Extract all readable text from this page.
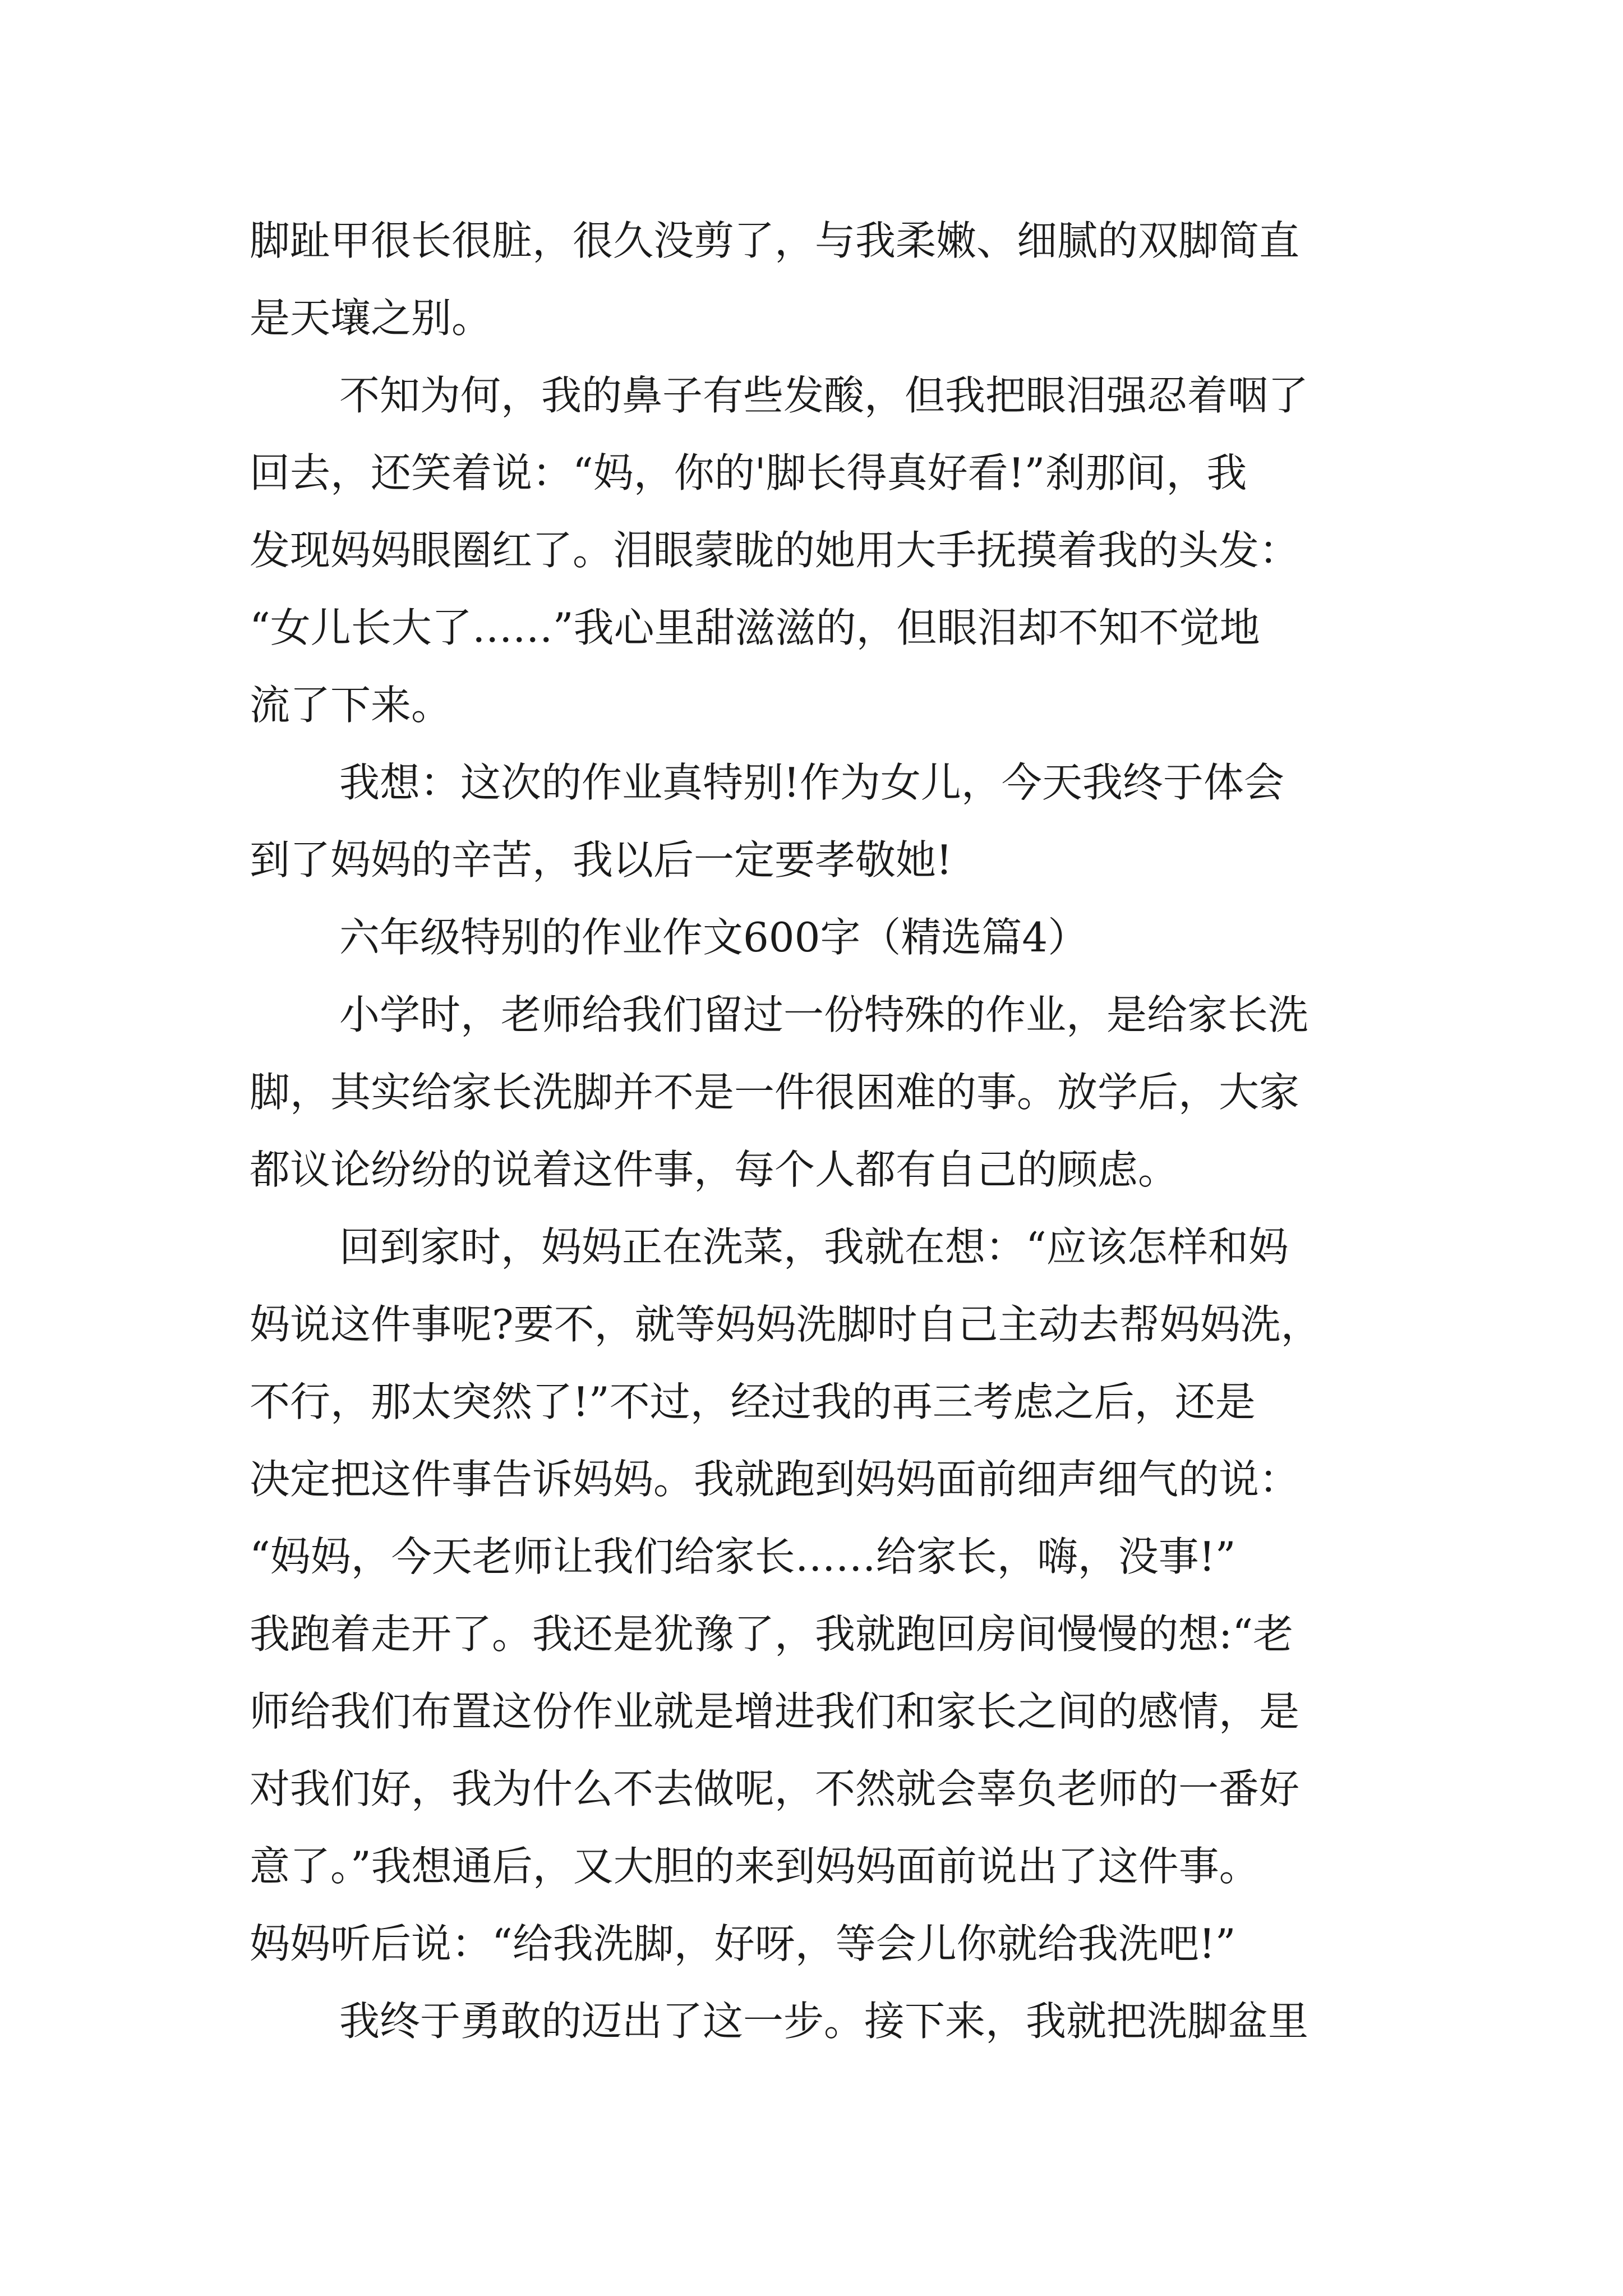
脚趾甲很长很脏，很久没剪了，与我柔嫩、细腻的双脚简直
是天壤之别。
不知为何，我的鼻子有些发酸，但我把眼泪强忍着咽了
回去，还笑着说：“妈，你的'脚长得真好看!”刹那间，我
发现妈妈眼圈红了。泪眼蒙眬的她用大手抚摸着我的头发：
“女儿长大了……”我心里甜滋滋的，但眼泪却不知不觉地
流了下来。
我想：这次的作业真特别!作为女儿，今天我终于体会
到了妈妈的辛苦，我以后一定要孝敬她!
六年级特别的作业作文600字（精选篇4）
小学时，老师给我们留过一份特殊的作业，是给家长洗
脚，其实给家长洗脚并不是一件很困难的事。放学后，大家
都议论纷纷的说着这件事，每个人都有自己的顾虑。
回到家时，妈妈正在洗菜，我就在想：“应该怎样和妈
妈说这件事呢?要不，就等妈妈洗脚时自己主动去帮妈妈洗，
不行，那太突然了!”不过，经过我的再三考虑之后，还是
决定把这件事告诉妈妈。我就跑到妈妈面前细声细气的说：
“妈妈，今天老师让我们给家长……给家长，嗨，没事!”
我跑着走开了。我还是犹豫了，我就跑回房间慢慢的想:“老
师给我们布置这份作业就是增进我们和家长之间的感情，是
对我们好，我为什么不去做呢，不然就会辜负老师的一番好
意了。”我想通后，又大胆的来到妈妈面前说出了这件事。
妈妈听后说：“给我洗脚，好呀，等会儿你就给我洗吧!”
我终于勇敢的迈出了这一步。接下来，我就把洗脚盆里
